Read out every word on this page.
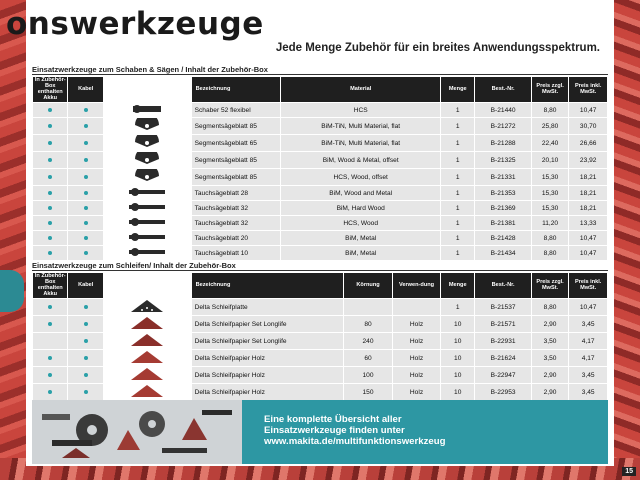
onswerkzeuge
Jede Menge Zubehör für ein breites Anwendungsspektrum.
Einsatzwerkzeuge zum Schaben & Sägen / Inhalt der Zubehör-Box
In Zubehör-Box enthalten Akku	Kabel		Bezeichnung	Material	Menge	Best.-Nr.	Preis zzgl. MwSt.	Preis inkl. MwSt.
			Schaber 52 flexibel	HCS	1	B-21440	8,80	10,47
			Segmentsägeblatt 85	BiM-TiN, Multi Material, flat	1	B-21272	25,80	30,70
			Segmentsägeblatt 65	BiM-TiN, Multi Material, flat	1	B-21288	22,40	26,66
			Segmentsägeblatt 85	BiM, Wood & Metal, offset	1	B-21325	20,10	23,92
			Segmentsägeblatt 85	HCS, Wood, offset	1	B-21331	15,30	18,21
			Tauchsägeblatt 28	BiM, Wood and Metal	1	B-21353	15,30	18,21
			Tauchsägeblatt 32	BiM, Hard Wood	1	B-21369	15,30	18,21
			Tauchsägeblatt 32	HCS, Wood	1	B-21381	11,20	13,33
			Tauchsägeblatt 20	BiM, Metal	1	B-21428	8,80	10,47
			Tauchsägeblatt 10	BiM, Metal	1	B-21434	8,80	10,47
Einsatzwerkzeuge zum Schleifen/ Inhalt der Zubehör-Box
In Zubehör-Box enthalten Akku	Kabel		Bezeichnung	Körnung	Verwen-dung	Menge	Best.-Nr.	Preis zzgl. MwSt.	Preis inkl. MwSt.
			Delta Schleifplatte			1	B-21537	8,80	10,47
			Delta Schleifpapier Set Longlife	80	Holz	10	B-21571	2,90	3,45
			Delta Schleifpapier Set Longlife	240	Holz	10	B-22931	3,50	4,17
			Delta Schleifpapier Holz	60	Holz	10	B-21624	3,50	4,17
			Delta Schleifpapier Holz	100	Holz	10	B-22947	2,90	3,45
			Delta Schleifpapier Holz	150	Holz	10	B-22953	2,90	3,45
Eine komplette Übersicht aller
Einsatzwerkzeuge finden unter
www.makita.de/multifunktionswerkzeug
15
